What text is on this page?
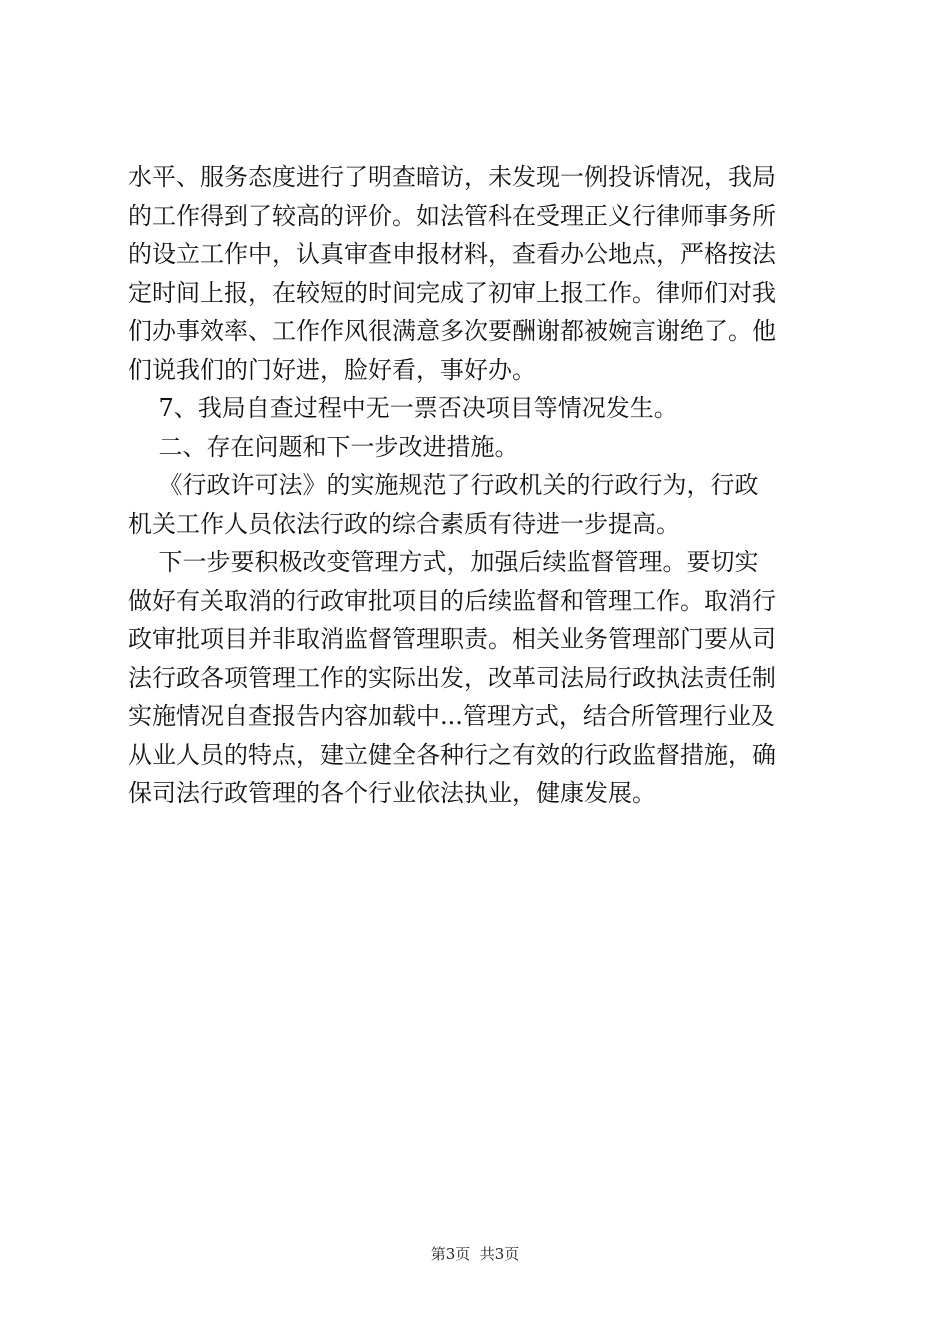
水平、服务态度进行了明查暗访，未发现一例投诉情况，我局
的工作得到了较高的评价。如法管科在受理正义行律师事务所
的设立工作中，认真审查申报材料，查看办公地点，严格按法
定时间上报，在较短的时间完成了初审上报工作。律师们对我
们办事效率、工作作风很满意多次要酬谢都被婉言谢绝了。他
们说我们的门好进，脸好看，事好办。
7、我局自查过程中无一票否决项目等情况发生。
二、存在问题和下一步改进措施。
《行政许可法》的实施规范了行政机关的行政行为，行政
机关工作人员依法行政的综合素质有待进一步提高。
下一步要积极改变管理方式，加强后续监督管理。要切实
做好有关取消的行政审批项目的后续监督和管理工作。取消行
政审批项目并非取消监督管理职责。相关业务管理部门要从司
法行政各项管理工作的实际出发，改革司法局行政执法责任制
实施情况自查报告内容加载中...管理方式，结合所管理行业及
从业人员的特点，建立健全各种行之有效的行政监督措施，确
保司法行政管理的各个行业依法执业，健康发展。
第3页  共3页
